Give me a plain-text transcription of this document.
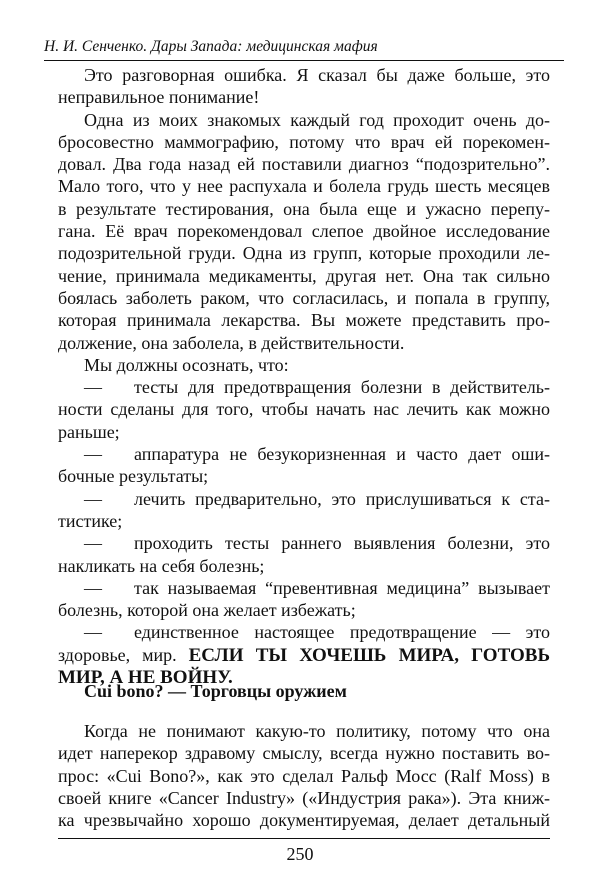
Н. И. Сенченко. Дары Запада: медицинская мафия
Это разговорная ошибка. Я сказал бы даже больше, это
неправильное понимание!
Одна из моих знакомых каждый год проходит очень до-
бросовестно маммографию, потому что врач ей порекомен-
довал. Два года назад ей поставили диагноз “подозрительно”.
Мало того, что у нее распухала и болела грудь шесть месяцев
в результате тестирования, она была еще и ужасно перепу-
гана. Её врач порекомендовал слепое двойное исследование
подозрительной груди. Одна из групп, которые проходили ле-
чение, принимала медикаменты, другая нет. Она так сильно
боялась заболеть раком, что согласилась, и попала в группу,
которая принимала лекарства. Вы можете представить про-
должение, она заболела, в действительности.
Мы должны осознать, что:
—	тесты для предотвращения болезни в действитель-
ности сделаны для того, чтобы начать нас лечить как можно
раньше;
—	аппаратура не безукоризненная и часто дает оши-
бочные результаты;
—	лечить предварительно, это прислушиваться к ста-
тистике;
—	проходить тесты раннего выявления болезни, это
накликать на себя болезнь;
—	так называемая “превентивная медицина” вызывает
болезнь, которой она желает избежать;
—	единственное настоящее предотвращение — это
здоровье, мир. ЕСЛИ ТЫ ХОЧЕШЬ МИРА, ГОТОВЬ
МИР, А НЕ ВОЙНУ.
Cui bono? — Торговцы оружием
Когда не понимают какую-то политику, потому что она
идет наперекор здравому смыслу, всегда нужно поставить во-
прос: «Cui Bono?», как это сделал Ральф Мосс (Ralf Moss) в
своей книге «Cancer Industry» («Индустрия рака»). Эта книж-
ка чрезвычайно хорошо документируемая, делает детальный
250
